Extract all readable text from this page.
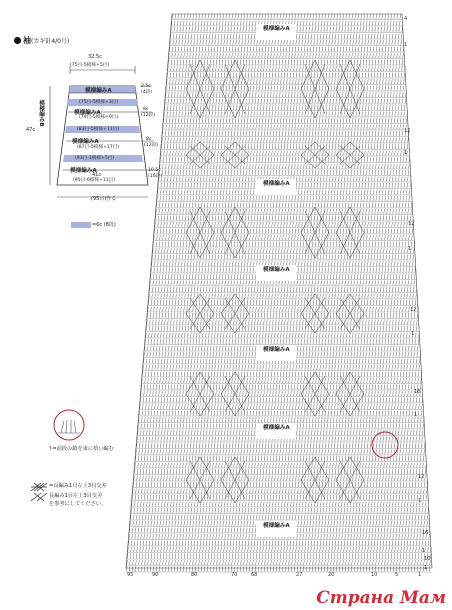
袖(カギ針4/0号)
32.5c
(75目-5模様+5目)
47c
模様編みB
模様編みA
(75目-5模様+3目)
模様編みA
(79目-5模様+9目)
(83目-5模様+11目)
模様編みA
(87目-5模様+17目)
(93目-1模様+5目)
模様編みA
41c
(95目-6模様+11目)
2.5c
(4段)
8c
(12段)
8c
(12段)
10.5c
(16段)
(95目)作る
=6c (8段)
模様編みA
模様編みA
模様編みA
模様編みA
模様編みA
模様編みA
4
1
12
1
12
1
12
1
16
1
12
1
16
1
10
1
95	90	80	70	68	27	20	10	5	1
↑=前段の鎖を束に拾い編む
=長編み1目左上3目交差
長編み1目左上3目交差
を参考にしてください。
Страна Мам
